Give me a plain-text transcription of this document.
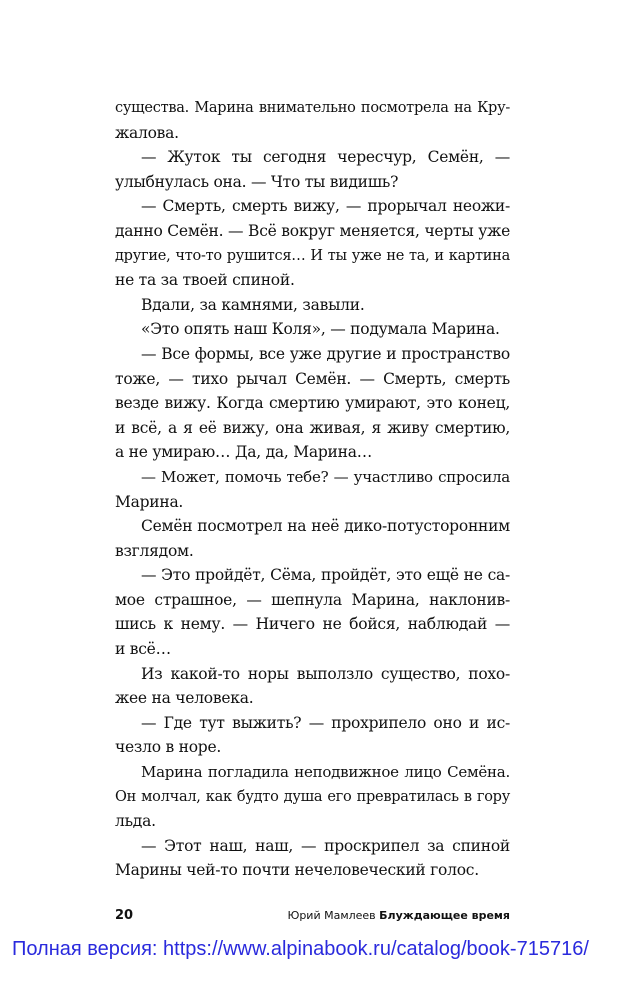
существа. Марина внимательно посмотрела на Кру-
жалова.
— Жуток ты сегодня чересчур, Семён, —
улыбнулась она. — Что ты видишь?
— Смерть, смерть вижу, — прорычал неожи-
данно Семён. — Всё вокруг меняется, черты уже
другие, что-то рушится… И ты уже не та, и картина
не та за твоей спиной.
Вдали, за камнями, завыли.
«Это опять наш Коля», — подумала Марина.
— Все формы, все уже другие и пространство
тоже, — тихо рычал Семён. — Смерть, смерть
везде вижу. Когда смертию умирают, это конец,
и всё, а я её вижу, она живая, я живу смертию,
а не умираю… Да, да, Марина…
— Может, помочь тебе? — участливо спросила
Марина.
Семён посмотрел на неё дико-потусторонним
взглядом.
— Это пройдёт, Сёма, пройдёт, это ещё не са-
мое страшное, — шепнула Марина, наклонив-
шись к нему. — Ничего не бойся, наблюдай —
и всё…
Из какой-то норы выползло существо, похо-
жее на человека.
— Где тут выжить? — прохрипело оно и ис-
чезло в норе.
Марина погладила неподвижное лицо Семёна.
Он молчал, как будто душа его превратилась в гору
льда.
— Этот наш, наш, — проскрипел за спиной
Марины чей-то почти нечеловеческий голос.
20	Юрий Мамлеев Блуждающее время
Полная версия: https://www.alpinabook.ru/catalog/book-715716/
